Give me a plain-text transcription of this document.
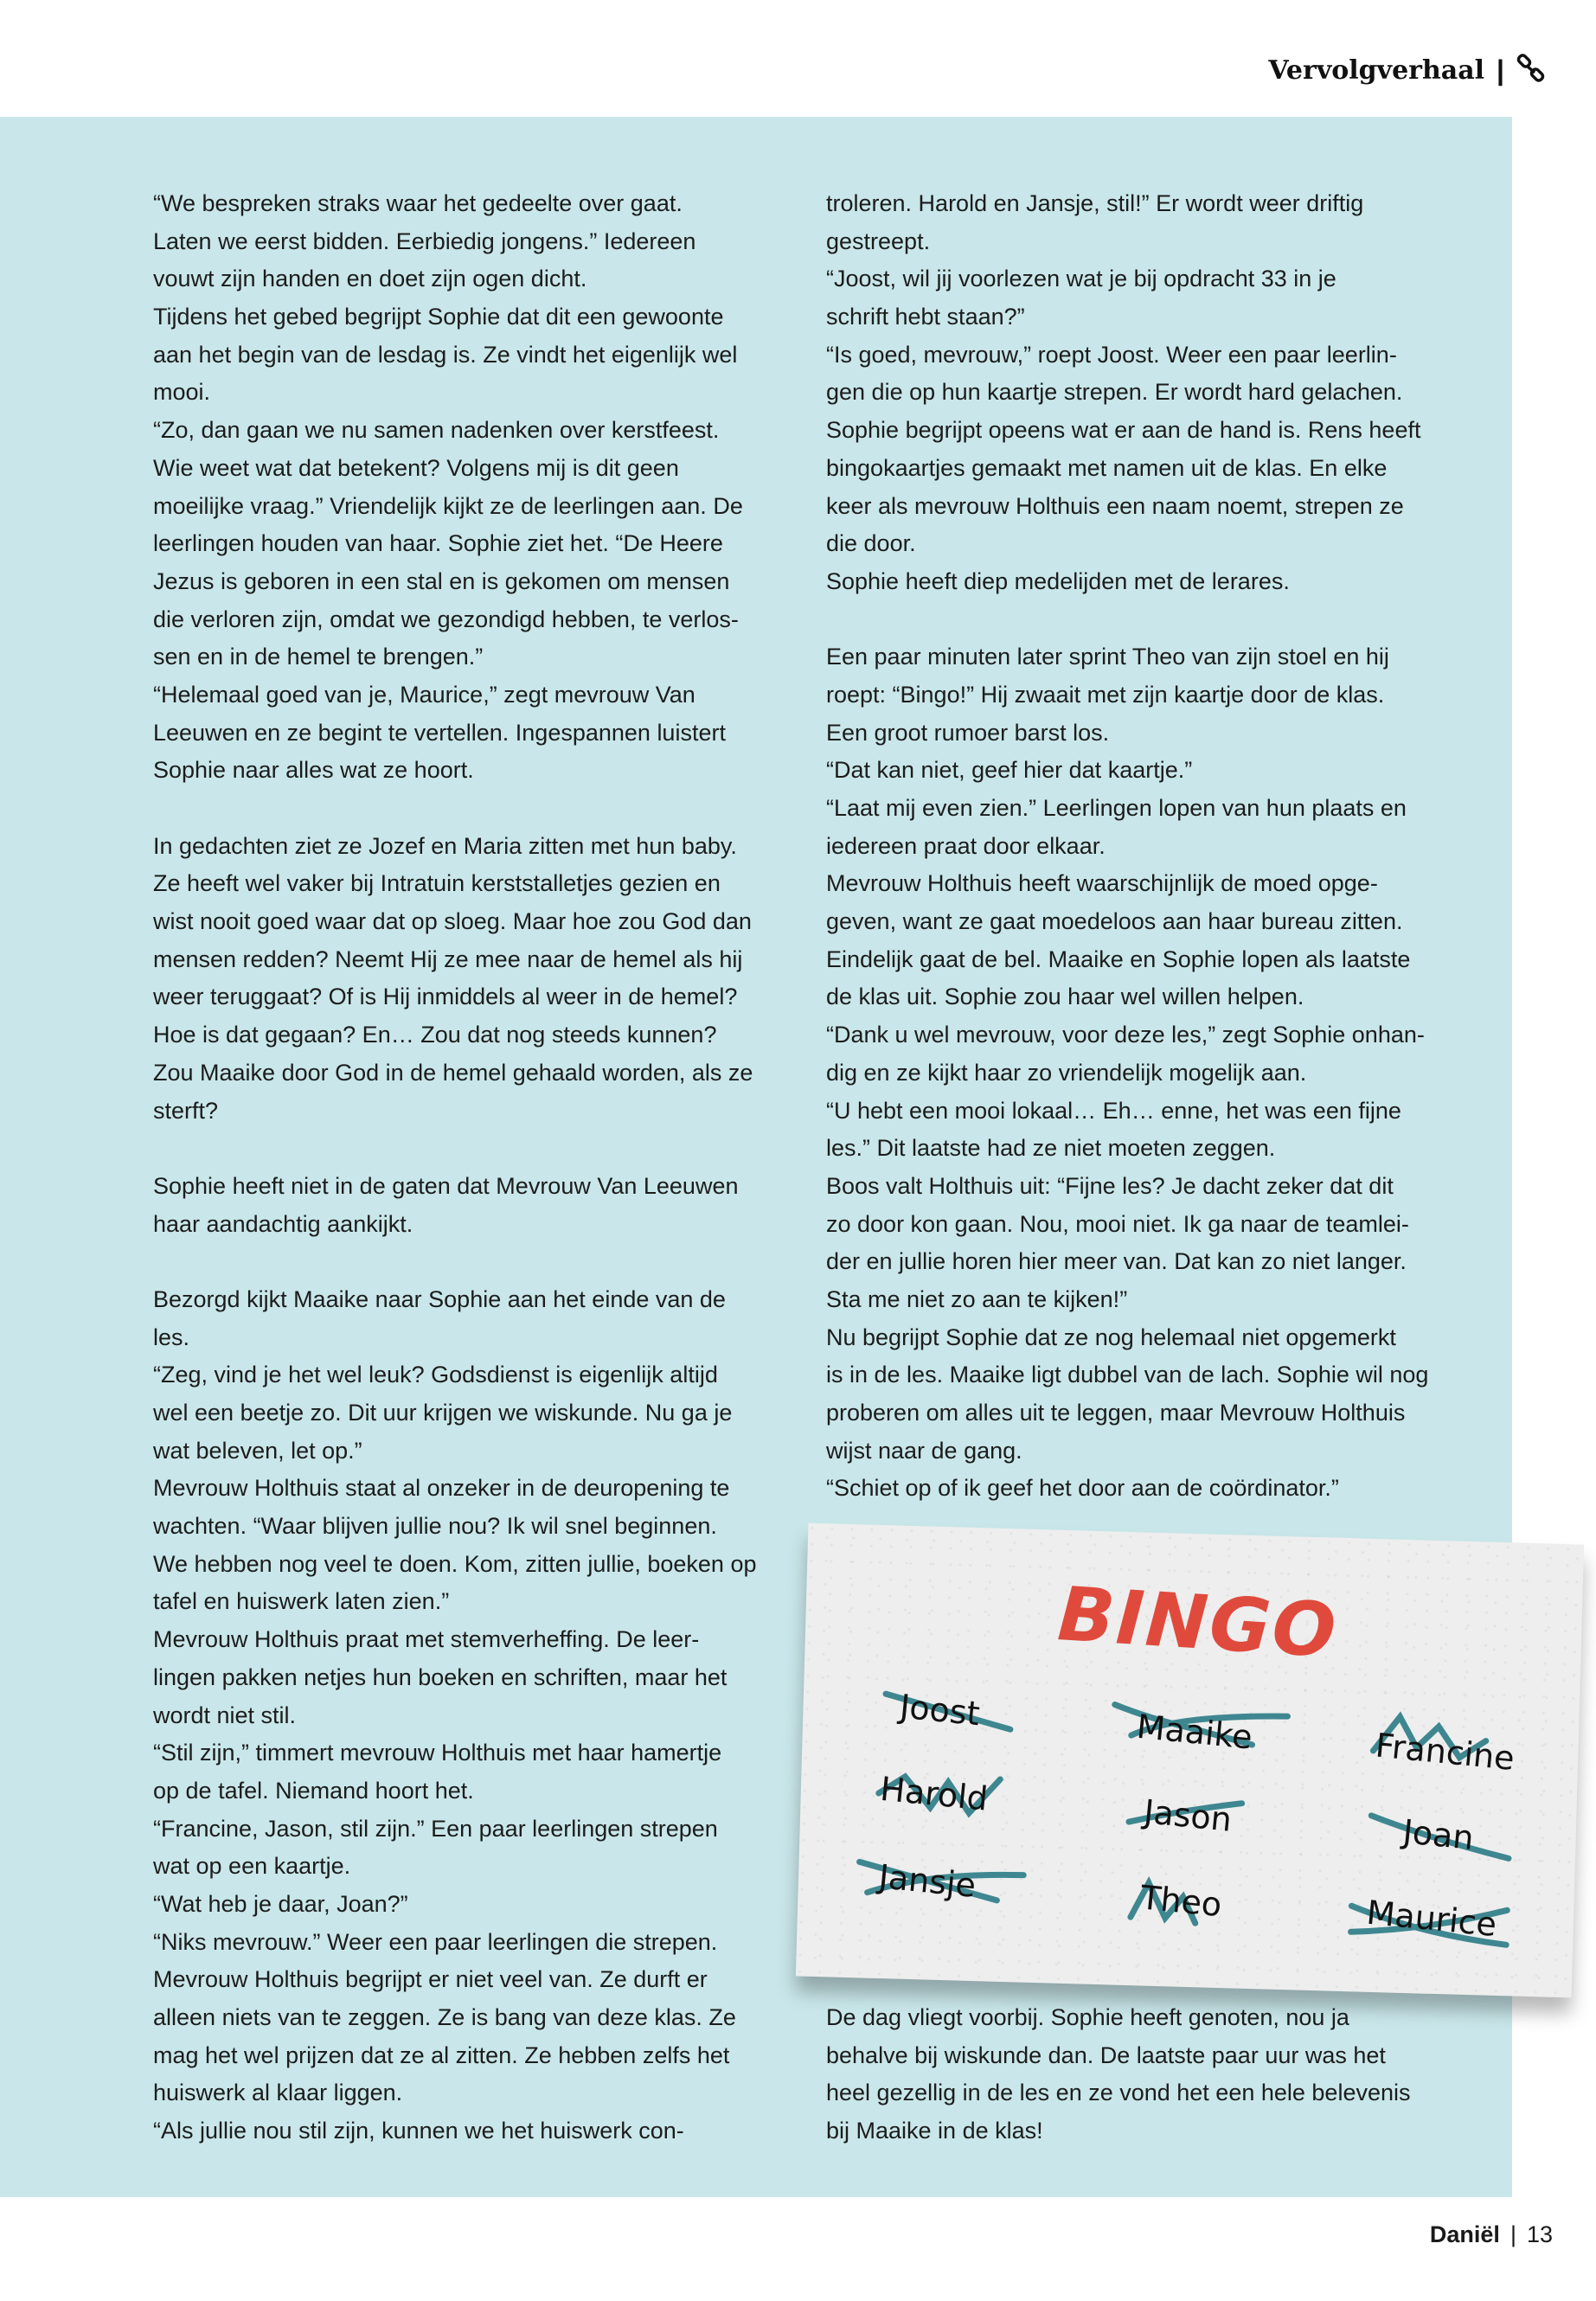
Vervolgverhaal |
“We bespreken straks waar het gedeelte over gaat.
Laten we eerst bidden. Eerbiedig jongens.” Iedereen
vouwt zijn handen en doet zijn ogen dicht.
Tijdens het gebed begrijpt Sophie dat dit een gewoonte
aan het begin van de lesdag is. Ze vindt het eigenlijk wel
mooi.
“Zo, dan gaan we nu samen nadenken over kerstfeest.
Wie weet wat dat betekent? Volgens mij is dit geen
moeilijke vraag.” Vriendelijk kijkt ze de leerlingen aan. De
leerlingen houden van haar. Sophie ziet het. “De Heere
Jezus is geboren in een stal en is gekomen om mensen
die verloren zijn, omdat we gezondigd hebben, te verlos-
sen en in de hemel te brengen.”
“Helemaal goed van je, Maurice,” zegt mevrouw Van
Leeuwen en ze begint te vertellen. Ingespannen luistert
Sophie naar alles wat ze hoort.
In gedachten ziet ze Jozef en Maria zitten met hun baby.
Ze heeft wel vaker bij Intratuin kerststalletjes gezien en
wist nooit goed waar dat op sloeg. Maar hoe zou God dan
mensen redden? Neemt Hij ze mee naar de hemel als hij
weer teruggaat? Of is Hij inmiddels al weer in de hemel?
Hoe is dat gegaan? En… Zou dat nog steeds kunnen?
Zou Maaike door God in de hemel gehaald worden, als ze
sterft?
Sophie heeft niet in de gaten dat Mevrouw Van Leeuwen
haar aandachtig aankijkt.
Bezorgd kijkt Maaike naar Sophie aan het einde van de
les.
“Zeg, vind je het wel leuk? Godsdienst is eigenlijk altijd
wel een beetje zo. Dit uur krijgen we wiskunde. Nu ga je
wat beleven, let op.”
Mevrouw Holthuis staat al onzeker in de deuropening te
wachten. “Waar blijven jullie nou? Ik wil snel beginnen.
We hebben nog veel te doen. Kom, zitten jullie, boeken op
tafel en huiswerk laten zien.”
Mevrouw Holthuis praat met stemverheffing. De leer-
lingen pakken netjes hun boeken en schriften, maar het
wordt niet stil.
“Stil zijn,” timmert mevrouw Holthuis met haar hamertje
op de tafel. Niemand hoort het.
“Francine, Jason, stil zijn.” Een paar leerlingen strepen
wat op een kaartje.
“Wat heb je daar, Joan?”
“Niks mevrouw.” Weer een paar leerlingen die strepen.
Mevrouw Holthuis begrijpt er niet veel van. Ze durft er
alleen niets van te zeggen. Ze is bang van deze klas. Ze
mag het wel prijzen dat ze al zitten. Ze hebben zelfs het
huiswerk al klaar liggen.
“Als jullie nou stil zijn, kunnen we het huiswerk con-
troleren. Harold en Jansje, stil!” Er wordt weer driftig
gestreept.
“Joost, wil jij voorlezen wat je bij opdracht 33 in je
schrift hebt staan?”
“Is goed, mevrouw,” roept Joost. Weer een paar leerlin-
gen die op hun kaartje strepen. Er wordt hard gelachen.
Sophie begrijpt opeens wat er aan de hand is. Rens heeft
bingokaartjes gemaakt met namen uit de klas. En elke
keer als mevrouw Holthuis een naam noemt, strepen ze
die door.
Sophie heeft diep medelijden met de lerares.
Een paar minuten later sprint Theo van zijn stoel en hij
roept: “Bingo!” Hij zwaait met zijn kaartje door de klas.
Een groot rumoer barst los.
“Dat kan niet, geef hier dat kaartje.”
“Laat mij even zien.” Leerlingen lopen van hun plaats en
iedereen praat door elkaar.
Mevrouw Holthuis heeft waarschijnlijk de moed opge-
geven, want ze gaat moedeloos aan haar bureau zitten.
Eindelijk gaat de bel. Maaike en Sophie lopen als laatste
de klas uit. Sophie zou haar wel willen helpen.
“Dank u wel mevrouw, voor deze les,” zegt Sophie onhan-
dig en ze kijkt haar zo vriendelijk mogelijk aan.
“U hebt een mooi lokaal… Eh… enne, het was een fijne
les.” Dit laatste had ze niet moeten zeggen.
Boos valt Holthuis uit: “Fijne les? Je dacht zeker dat dit
zo door kon gaan. Nou, mooi niet. Ik ga naar de teamlei-
der en jullie horen hier meer van. Dat kan zo niet langer.
Sta me niet zo aan te kijken!”
Nu begrijpt Sophie dat ze nog helemaal niet opgemerkt
is in de les. Maaike ligt dubbel van de lach. Sophie wil nog
proberen om alles uit te leggen, maar Mevrouw Holthuis
wijst naar de gang.
“Schiet op of ik geef het door aan de coördinator.”
De dag vliegt voorbij. Sophie heeft genoten, nou ja
behalve bij wiskunde dan. De laatste paar uur was het
heel gezellig in de les en ze vond het een hele belevenis
bij Maaike in de klas!
BINGO
Joost	Maaike	Francine
Harold	Jason	Joan
Jansje	Theo	Maurice
Daniël | 13
